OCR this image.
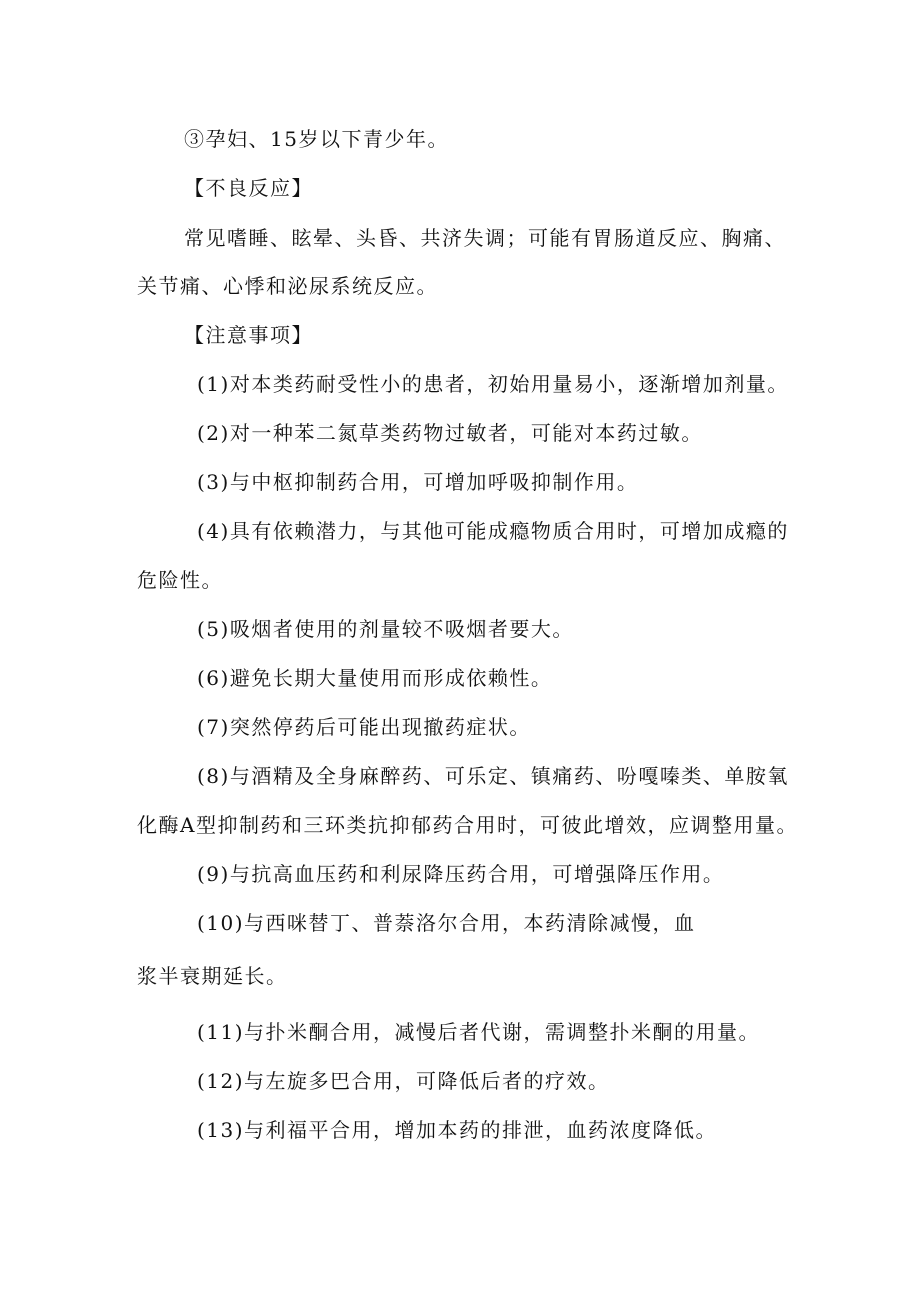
③孕妇、15岁以下青少年。
【不良反应】
常见嗜睡、眩晕、头昏、共济失调；可能有胃肠道反应、胸痛、
关节痛、心悸和泌尿系统反应。
【注意事项】
(1)对本类药耐受性小的患者，初始用量易小，逐渐增加剂量。
(2)对一种苯二氮草类药物过敏者，可能对本药过敏。
(3)与中枢抑制药合用，可增加呼吸抑制作用。
(4)具有依赖潜力，与其他可能成瘾物质合用时，可增加成瘾的
危险性。
(5)吸烟者使用的剂量较不吸烟者要大。
(6)避免长期大量使用而形成依赖性。
(7)突然停药后可能出现撤药症状。
(8)与酒精及全身麻醉药、可乐定、镇痛药、吩嘎嗪类、单胺氧
化酶A型抑制药和三环类抗抑郁药合用时，可彼此增效，应调整用量。
(9)与抗高血压药和利尿降压药合用，可增强降压作用。
(10)与西咪替丁、普萘洛尔合用，本药清除减慢，血
浆半衰期延长。
(11)与扑米酮合用，减慢后者代谢，需调整扑米酮的用量。
(12)与左旋多巴合用，可降低后者的疗效。
(13)与利福平合用，增加本药的排泄，血药浓度降低。
